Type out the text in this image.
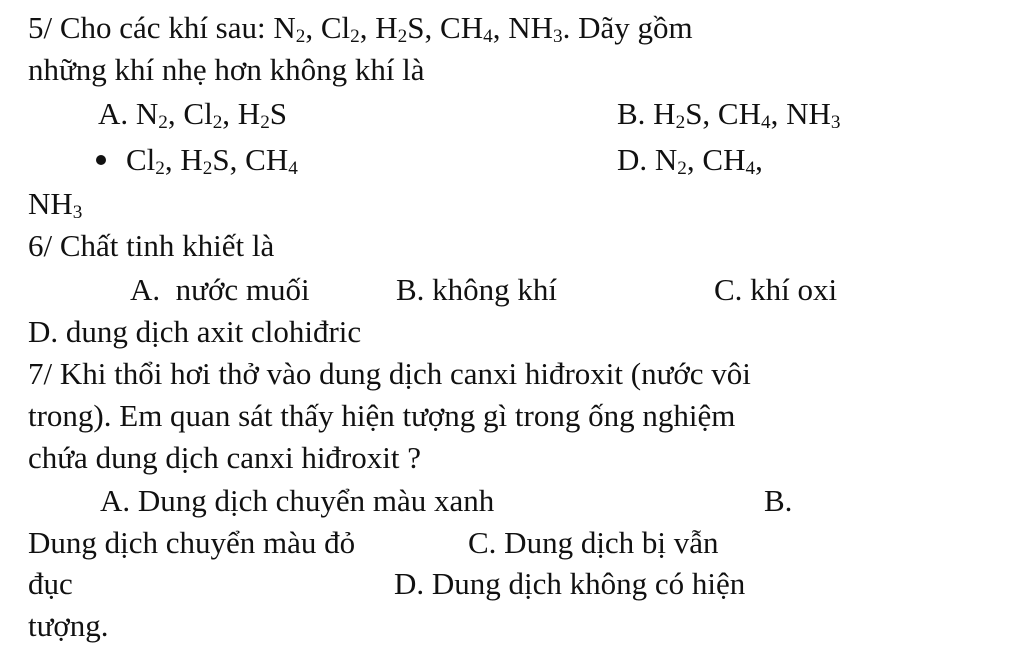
5/ Cho các khí sau: $N_2$, $Cl_2$, $H_2S$, $CH_4$, $NH_3$. Dãy gồm
những khí nhẹ hơn không khí là
A. $N_2$, $Cl_2$, $H_2S$	B. $H_2S$, $CH_4$, $NH_3$
$Cl_2$, $H_2S$, $CH_4$	D. $N_2$, $CH_4$,
$NH_3$
6/ Chất tinh khiết là
A.  nước muối	B. không khí	C. khí oxi
D. dung dịch axit clohiđric
7/ Khi thổi hơi thở vào dung dịch canxi hiđroxit (nước vôi
trong). Em quan sát thấy hiện tượng gì trong ống nghiệm
chứa dung dịch canxi hiđroxit ?
A. Dung dịch chuyển màu xanh	B.
Dung dịch chuyển màu đỏ	C. Dung dịch bị vẫn
đục	D. Dung dịch không có hiện
tượng.
